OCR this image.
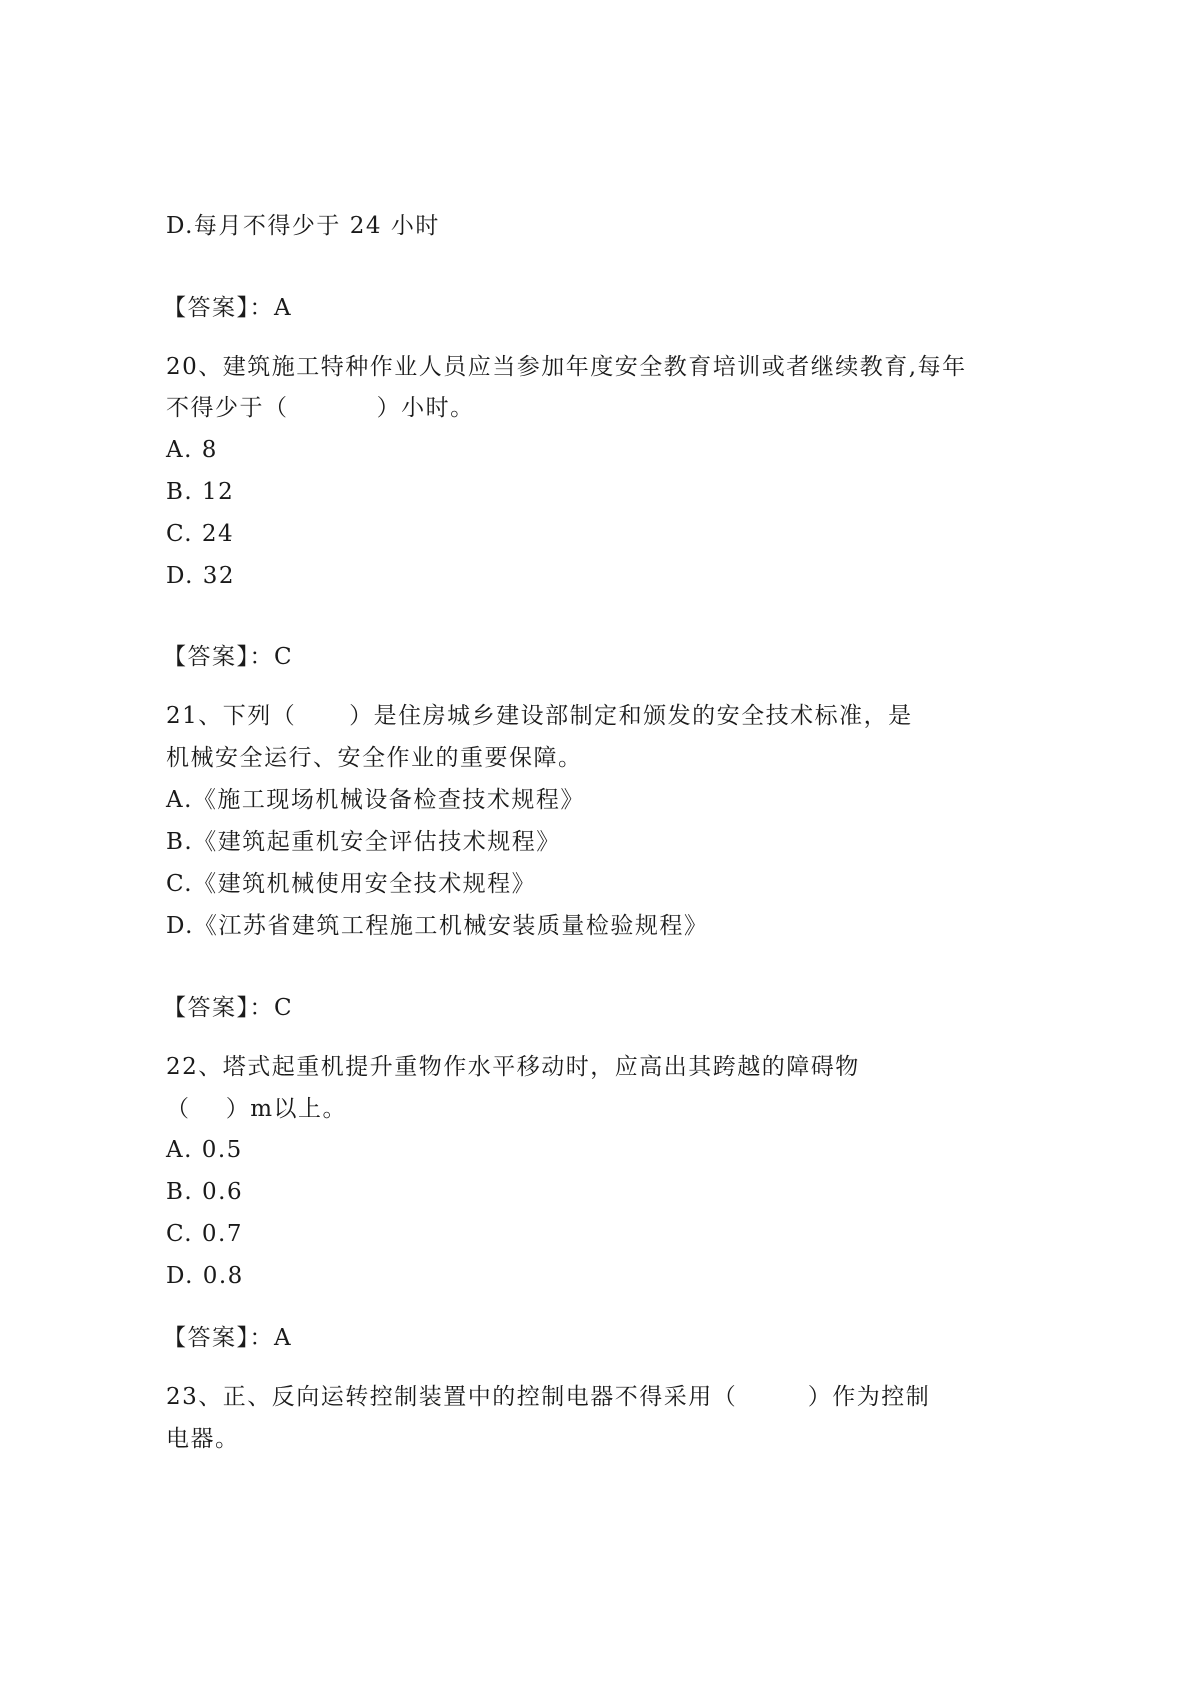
D.每月不得少于 24 小时
【答案】：A
20、建筑施工特种作业人员应当参加年度安全教育培训或者继续教育,每年
不得少于（          ）小时。
A. 8
B. 12
C. 24
D. 32
【答案】：C
21、下列（      ）是住房城乡建设部制定和颁发的安全技术标准，是
机械安全运行、安全作业的重要保障。
A.《施工现场机械设备检查技术规程》
B.《建筑起重机安全评估技术规程》
C.《建筑机械使用安全技术规程》
D.《江苏省建筑工程施工机械安装质量检验规程》
【答案】：C
22、塔式起重机提升重物作水平移动时，应高出其跨越的障碍物
（    ）m以上。
A. 0.5
B. 0.6
C. 0.7
D. 0.8
【答案】：A
23、正、反向运转控制装置中的控制电器不得采用（        ）作为控制
电器。
